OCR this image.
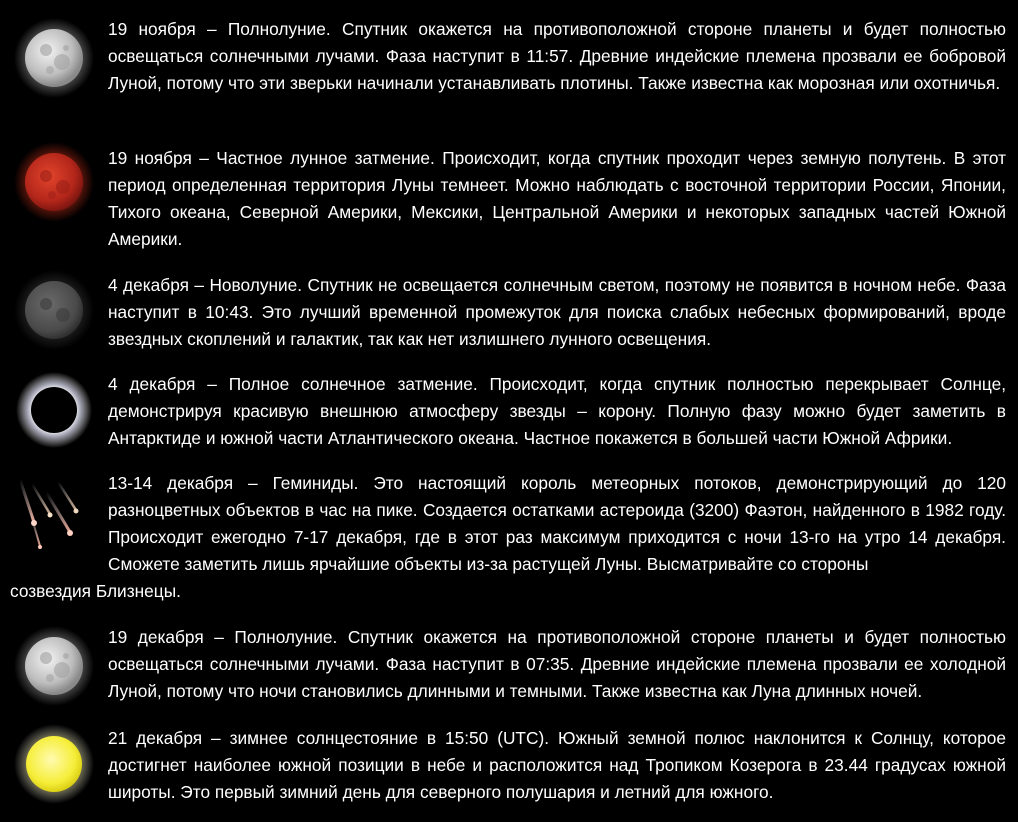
19 ноября – Полнолуние. Спутник окажется на противоположной стороне планеты и будет полностью освещаться солнечными лучами. Фаза наступит в 11:57. Древние индейские племена прозвали ее бобровой Луной, потому что эти зверьки начинали устанавливать плотины. Также известна как морозная или охотничья.

19 ноября – Частное лунное затмение. Происходит, когда спутник проходит через земную полутень. В этот период определенная территория Луны темнеет. Можно наблюдать с восточной территории России, Японии, Тихого океана, Северной Америки, Мексики, Центральной Америки и некоторых западных частей Южной Америки.

4 декабря – Новолуние. Спутник не освещается солнечным светом, поэтому не появится в ночном небе. Фаза наступит в 10:43. Это лучший временной промежуток для поиска слабых небесных формирований, вроде звездных скоплений и галактик, так как нет излишнего лунного освещения.

4 декабря – Полное солнечное затмение. Происходит, когда спутник полностью перекрывает Солнце, демонстрируя красивую внешнюю атмосферу звезды – корону. Полную фазу можно будет заметить в Антарктиде и южной части Атлантического океана. Частное покажется в большей части Южной Африки.

13-14 декабря – Геминиды. Это настоящий король метеорных потоков, демонстрирующий до 120 разноцветных объектов в час на пике. Создается остатками астероида (3200) Фаэтон, найденного в 1982 году. Происходит ежегодно 7-17 декабря, где в этот раз максимум приходится с ночи 13-го на утро 14 декабря. Сможете заметить лишь ярчайшие объекты из-за растущей Луны. Высматривайте со стороны

созвездия Близнецы.

19 декабря – Полнолуние. Спутник окажется на противоположной стороне планеты и будет полностью освещаться солнечными лучами. Фаза наступит в 07:35. Древние индейские племена прозвали ее холодной Луной, потому что ночи становились длинными и темными. Также известна как Луна длинных ночей.

21 декабря – зимнее солнцестояние в 15:50 (UTC). Южный земной полюс наклонится к Солнцу, которое достигнет наиболее южной позиции в небе и расположится над Тропиком Козерога в 23.44 градусах южной широты. Это первый зимний день для северного полушария и летний для южного.
